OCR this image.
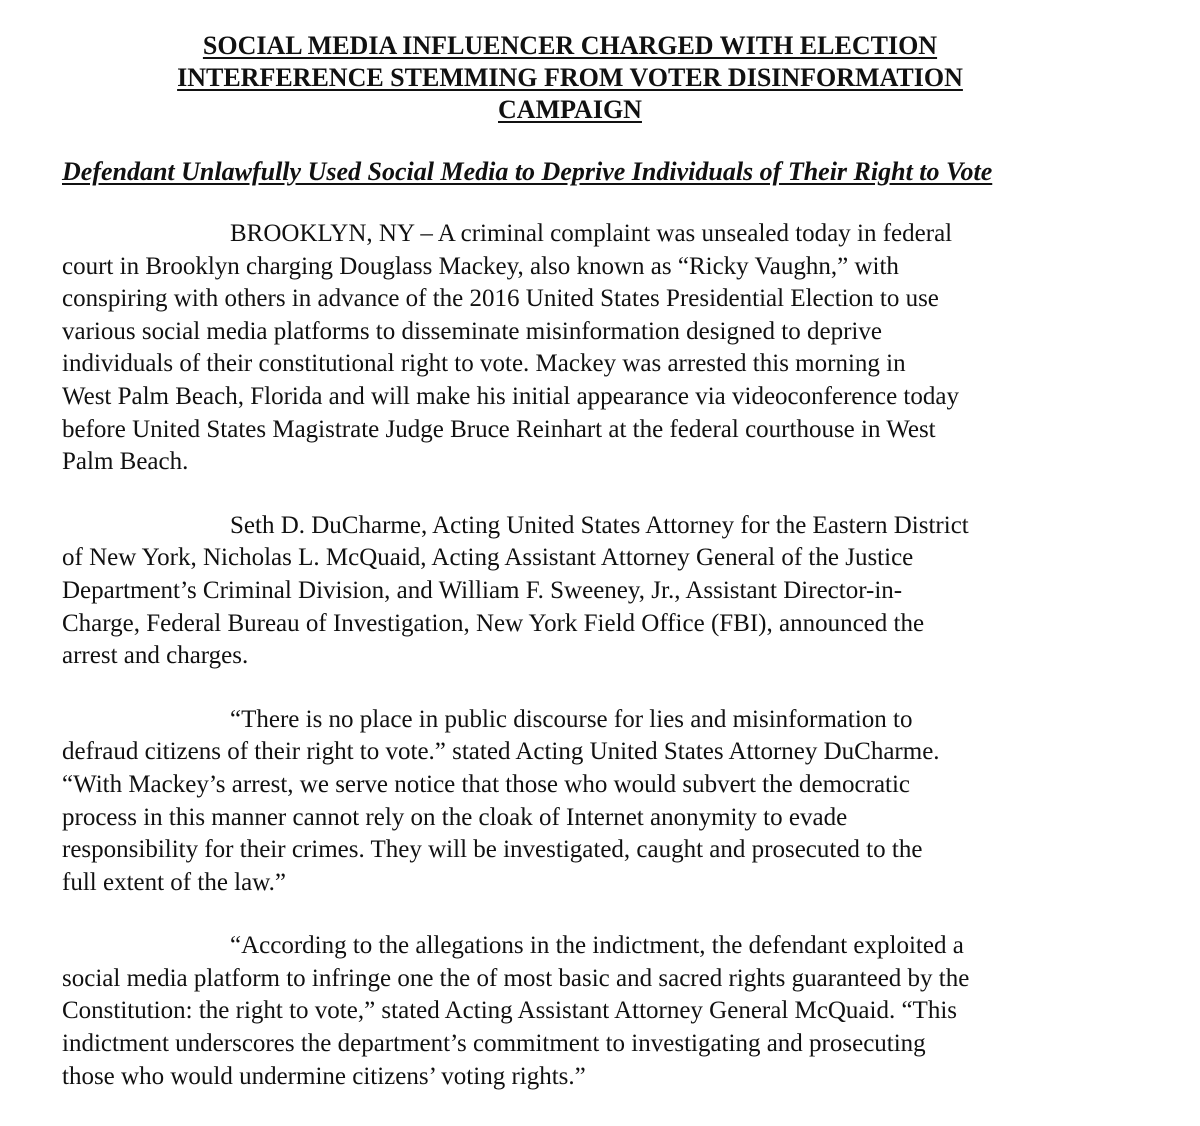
SOCIAL MEDIA INFLUENCER CHARGED WITH ELECTION
INTERFERENCE STEMMING FROM VOTER DISINFORMATION
CAMPAIGN

Defendant Unlawfully Used Social Media to Deprive Individuals of Their Right to Vote

BROOKLYN, NY – A criminal complaint was unsealed today in federal
court in Brooklyn charging Douglass Mackey, also known as “Ricky Vaughn,” with
conspiring with others in advance of the 2016 United States Presidential Election to use
various social media platforms to disseminate misinformation designed to deprive
individuals of their constitutional right to vote. Mackey was arrested this morning in
West Palm Beach, Florida and will make his initial appearance via videoconference today
before United States Magistrate Judge Bruce Reinhart at the federal courthouse in West
Palm Beach.

Seth D. DuCharme, Acting United States Attorney for the Eastern District
of New York, Nicholas L. McQuaid, Acting Assistant Attorney General of the Justice
Department’s Criminal Division, and William F. Sweeney, Jr., Assistant Director-in-
Charge, Federal Bureau of Investigation, New York Field Office (FBI), announced the
arrest and charges.

“There is no place in public discourse for lies and misinformation to
defraud citizens of their right to vote.” stated Acting United States Attorney DuCharme.
“With Mackey’s arrest, we serve notice that those who would subvert the democratic
process in this manner cannot rely on the cloak of Internet anonymity to evade
responsibility for their crimes. They will be investigated, caught and prosecuted to the
full extent of the law.”

“According to the allegations in the indictment, the defendant exploited a
social media platform to infringe one the of most basic and sacred rights guaranteed by the
Constitution: the right to vote,” stated Acting Assistant Attorney General McQuaid. “This
indictment underscores the department’s commitment to investigating and prosecuting
those who would undermine citizens’ voting rights.”
